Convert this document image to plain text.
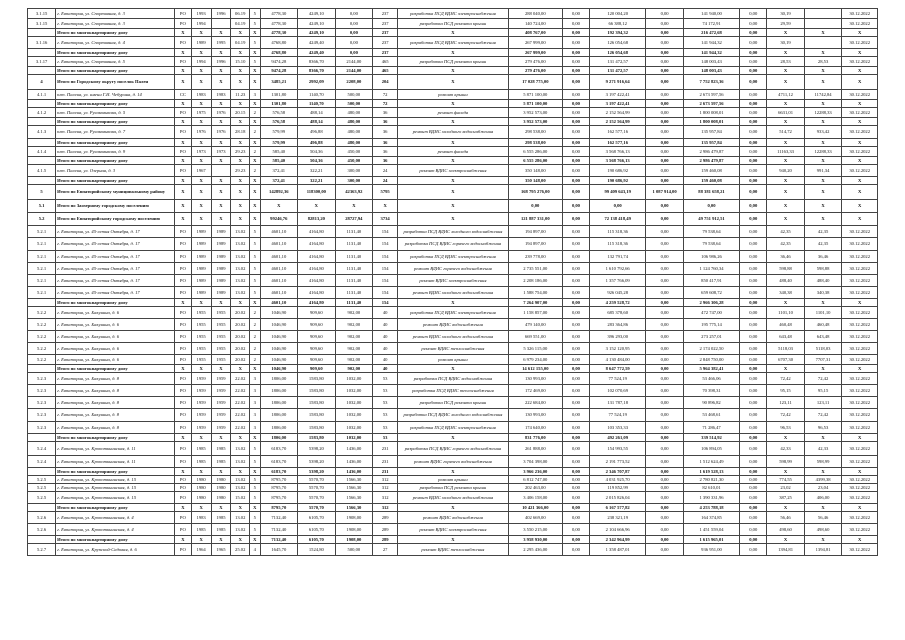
3.1.15	г. Евпатория, ул. Спортивная, д. 3	РО	1993	1996	06.19	5	4778,30	4249,10	0,00	237	разработка ПСД ВДИС электроснабжения	288 040,00	0,00	120 004,20	0,00	141 940,00	0,00	30,19		30.12.2022
3.1.15	г. Евпатория, ул. Спортивная, д. 3	РО	1994		04.19	5	4778,30	4249,10	0,00	237	разработка ПСД ремонта крыши	140 724,00	0,00	66 388,12	0,00	74 172,91	0,00	29,59		30.12.2022
	Итого по многоквартирному дому	X	X	X	X	X	4778,30	4249,10	0,00	237	X	408 767,00	0,00	192 394,32	0,00	216 472,68	0,00	X	X	X
3.1.16	г. Евпатория, ул. Спортивная, д. 4	РО	1989	1995	04.19	5	4768,80	4249,40	0,00	237	разработка ПСД ВДИС электроснабжения	267 999,00	0,00	126 054,68	0,00	141 944,32	0,00	30,19		30.12.2022
	Итого по многоквартирному дому	X	X	X	X	X	4768,80	4249,40	0,00	237	X	267 999,00	0,00	126 054,68	0,00	141 944,32	0,00	X	X	X
3.1.17	г. Евпатория, ул. Спортивная, д. 5	РО	1994	1996	15.10	5	9474,28	8366,70	2144,00	465	разработка ПСД ремонта крыши	279 476,00	0,00	131 472,57	0,00	148 003,43	0,00	28,53	28,53	30.12.2022
	Итого по многоквартирному дому	X	X	X	X	X	9474,28	8366,70	2144,00	465	X	279 476,00	0,00	131 472,57	0,00	148 003,43	0,00	X	X	X
4	Итого по Городскому округу поселок Пален	X	X	X	X	X	3485,21	2992,09	2208,00	204	X	17 028 775,00	0,00	9 271 916,64	0,00	7 752 823,36	0,00	X	X	X
4.1.1	пгт. Палена, ул. имени Г.И. Чебурина, д. 14	СС	1983	1983	11.23	3	1301,80	1140,70	500,00	72	ремонт крыши	5 871 100,00	0,00	3 197 422,41	0,00	2 673 597,56	0,00	4711,12	11742,84	30.12.2022
	Итого по многоквартирному дому	X	X	X	X	X	1301,80	1140,70	500,00	72	X	5 871 100,00	0,00	3 197 422,41	0,00	2 673 597,56	0,00	X	X	X
4.1.2	пгт. Палена, ул. Русаковикова, д. 5	РО	1975	1976	20.15	2	576,58	488,14	480,00	36	ремонт фасада	3 952 573,00	0,00	2 152 564,99	0,00	1 800 008,01	0,00	6631,01	12288,33	30.12.2022
	Итого по многоквартирному дому	X	X	X	X	X	576,58	488,14	480,00	36	X	3 952 573,00	0,00	2 152 564,99	0,00	1 800 008,01	0,00	X	X	X
4.1.3	пгт. Палена, ул. Русаковикова, д. 7	РО	1976	1976	28.18	2	579,99	496,88	480,00	36	ремонт ВДИС холодного водоснабжения	298 538,00	0,00	162 577,16	0,00	135 957,84	0,00	514,72	933,42	30.12.2022
	Итого по многоквартирному дому	X	X	X	X	X	579,99	496,88	480,00	36	X	298 538,00	0,00	162 577,16	0,00	135 957,84	0,00	X	X	X
4.1.4	пгт. Палена, ул. Русаковикова, д. 9	РО	1973	1973	29.23	2	585,40	504,36	450,00	36	ремонт фасада	6 555 286,00	0,00	3 568 766,13	0,00	2 986 479,87	0,00	11163,33	12288,33	30.12.2022
	Итого по многоквартирному дому	X	X	X	X	X	585,40	504,36	450,00	36	X	6 555 286,00	0,00	3 568 766,13	0,00	2 986 479,87	0,00	X	X	X
4.1.5	пгт. Палена, ул. Озерная, д. 3	РО	1967		29.23	2	372,41	322,21	300,00	24	ремонт ВДИС электроснабжения	350 148,00	0,00	190 686,92	0,00	159 460,08	0,00	940,20	991,34	30.12.2022
	Итого по многоквартирному дому	X	X	X	X	X	372,41	322,21	300,00	24	X	350 148,00	0,00	190 686,92	0,00	159 460,08	0,00	X	X	X
5	Итого по Евпаторийскому муниципальному району	X	X	X	X	X	142892,36	118300,00	42363,92	5795	X	168 795 276,00	0,00	99 409 643,19	1 087 914,00	88 381 658,21	0,00	X	X	X
5.1	Итого по Заозерному городскому поселению	X	X	X	X	X	X	X	X	X	X	0,00	0,00	0,00	0,00	0,00	0,00	X	X	X
5.2	Итого по Евпаторийскому городскому поселению	X	X	X	X	X	99246,76	82813,20	28727,94	3734	X	121 887 331,00	0,00	72 138 418,49	0,00	49 751 912,51	0,00	X	X	X
5.2.1	г. Евпатория, ул. 45-летия Октября, д. 17	РО	1989	1989	13.02	5	4601,10	4164,80	1131,40	154	разработка ПСД ВДИС холодного водоснабжения	194 897,00	0,00	115 318,36	0,00	79 538,64	0,00	42,35	42,35	30.12.2022
5.2.1	г. Евпатория, ул. 45-летия Октября, д. 17	РО	1989	1989	13.02	5	4601,10	4164,80	1131,40	154	разработка ПСД ВДИС горячего водоснабжения	194 897,00	0,00	115 318,36	0,00	79 538,64	0,00	42,35	42,35	30.12.2022
5.2.1	г. Евпатория, ул. 45-летия Октября, д. 17	РО	1989	1989	13.02	5	4601,10	4164,80	1131,40	154	разработка ПСД ВДИС электроснабжения	239 778,00	0,00	132 791,74	0,00	106 986,26	0,00	36,46	36,46	30.12.2022
5.2.1	г. Евпатория, ул. 45-летия Октября, д. 17	РО	1989	1989	13.02	5	4601,10	4164,80	1131,40	154	ремонт ВДИС горячего водоснабжения	2 735 551,00	0,00	1 610 792,66	0,00	1 124 760,34	0,00	598,88	598,88	30.12.2022
5.2.1	г. Евпатория, ул. 45-летия Октября, д. 17	РО	1989	1989	13.02	5	4601,10	4164,80	1131,40	154	ремонт ВДИС электроснабжения	2 208 186,00	0,00	1 357 766,09	0,00	850 417,91	0,00	488,40	488,40	30.12.2022
5.2.1	г. Евпатория, ул. 45-летия Октября, д. 17	РО	1989	1989	13.02	5	4601,10	4164,80	1131,40	154	ремонт ВДИС холодного водоснабжения	1 588 754,00	0,00	926 045,28	0,00	659 608,72	0,00	340,38	340,38	30.12.2022
	Итого по многоквартирному дому	X	X	X	X	X	4601,10	4164,80	1131,40	154	X	7 264 907,00	0,00	4 259 528,72	0,00	2 966 306,28	0,00	X	X	X
5.2.2	г. Евпатория, ул. Бакунина, д. 6	РО	1955	1955	20.02	2	1046,90	909,60	902,00	40	разработка ПСД ВДИС электроснабжения	1 158 857,00	0,00	685 378,60	0,00	472 747,00	0,00	1101,10	1101,10	30.12.2022
5.2.2	г. Евпатория, ул. Бакунина, д. 6	РО	1955	1955	20.02	2	1046,90	909,60	902,00	40	ремонт ВДИС водоснабжения	479 140,00	0,00	283 364,86	0,00	195 775,14	0,00	460,48	460,48	30.12.2022
5.2.2	г. Евпатория, ул. Бакунина, д. 6	РО	1955	1955	20.02	2	1046,90	909,60	902,00	40	ремонт ВДИС холодного водоснабжения	669 551,00	0,00	396 293,00	0,00	273 257,01	0,00	643,48	643,48	30.12.2022
5.2.2	г. Евпатория, ул. Бакунина, д. 6	РО	1955	1955	20.02	2	1046,90	909,60	902,00	40	ремонт ВДИС теплоснабжения	5 326 115,00	0,00	3 152 120,95	0,00	2 174 022,50	0,00	5118,03	5118,03	30.12.2022
5.2.2	г. Евпатория, ул. Бакунина, д. 6	РО	1955	1955	20.02	2	1046,90	909,60	902,00	40	ремонт крыши	6 979 234,00	0,00	4 130 484,00	0,00	2 848 750,00	0,00	6707,30	7707,31	30.12.2022
	Итого по многоквартирному дому	X	X	X	X	X	1046,90	909,60	902,00	40	X	14 612 155,00	0,00	8 647 772,59	0,00	5 964 382,41	0,00	X	X	X
5.2.3	г. Евпатория, ул. Бакунина, д. 8	РО	1959	1959	22.02	3	1806,00	1583,80	1032,00	53	разработка ПСД ВДИС водоснабжения	130 993,00	0,00	77 524,19	0,00	53 466,06	0,00	72,42	72,42	30.12.2022
5.2.3	г. Евпатория, ул. Бакунина, д. 8	РО	1959	1959	22.02	3	1806,00	1583,80	1032,00	53	разработка ПСД ВДИС теплоснабжения	172 469,00	0,00	102 070,69	0,00	70 398,31	0,00	95,15	95,15	30.12.2022
5.2.3	г. Евпатория, ул. Бакунина, д. 8	РО	1959	1959	22.02	3	1806,00	1583,80	1032,00	53	разработка ПСД ремонта крыши	222 684,00	0,00	131 787,18	0,00	90 896,82	0,00	123,11	123,11	30.12.2022
5.2.3	г. Евпатория, ул. Бакунина, д. 8	РО	1959	1959	22.02	3	1806,00	1583,80	1032,00	53	разработка ПСД ВДИС холодного водоснабжения	130 993,00	0,00	77 524,19	0,00	53 468,61	0,00	72,42	72,42	30.12.2022
5.2.3	г. Евпатория, ул. Бакунина, д. 8	РО	1959	1959	22.02	3	1806,00	1583,80	1032,00	53	разработка ПСД ВДИС электроснабжения	174 640,00	0,00	103 353,33	0,00	71 286,47	0,00	96,53	96,53	30.12.2022
	Итого по многоквартирному дому	X	X	X	X	X	1806,00	1583,80	1032,00	53	X	831 776,00	0,00	492 261,09	0,00	339 514,92	0,00	X	X	X
5.2.4	г. Евпатория, ул. Кропоткиниская, д. 11	РО	1985	1985	13.02	5	6183,70	5398,20	1436,00	231	разработка ПСД ВДИС горячего водоснабжения	261 888,00	0,00	154 993,55	0,00	106 894,05	0,00	42,33	42,33	30.12.2022
5.2.4	г. Евпатория, ул. Кропоткиниская, д. 11	РО	1985	1985	13.02	5	6183,70	5398,20	1436,00	231	ремонт ВДИС горячего водоснабжения	3 704 398,00	0,00	2 191 773,52	0,00	1 512 624,49	0,00	598,99	598,99	30.12.2022
	Итого по многоквартирному дому	X	X	X	X	X	6183,70	5398,20	1436,00	231	X	3 966 236,00	0,00	2 346 707,87	0,00	1 619 528,13	0,00	X	X	X
5.2.5	г. Евпатория, ул. Кропоткиниская, д. 15	РО	1980	1980	13.02	5	8795,70	5570,70	1566,30	312	ремонт крыши	6 812 747,00	0,00	4 031 925,70	0,00	2 780 821,30	0,00	774,55	4399,38	30.12.2022
5.2.5	г. Евпатория, ул. Кропоткиниская, д. 15	РО	1980	1980	13.02	5	8795,70	5570,70	1566,30	312	разработка ПСД ремонта крыши	202 463,00	0,00	119 852,99	0,00	82 610,01	0,00	23,02	23,04	30.12.2022
5.2.5	г. Евпатория, ул. Кропоткиниская, д. 15	РО	1980	1980	15.02	5	8795,70	5570,70	1566,30	312	ремонт ВДИС холодного водоснабжения	3 406 158,00	0,00	2 015 826,04	0,00	1 390 331,96	0,00	387,25	406,00	30.12.2022
	Итого по многоквартирному дому	X	X	X	X	X	8795,70	5570,70	1566,30	312	X	10 421 366,00	0,00	6 167 577,82	0,00	4 253 788,18	0,00	X	X	X
5.2.6	г. Евпатория, ул. Кропоткиниская, д. 4	РО	1983	1985	13.02	5	7132,40	6105,70	1908,00	289	ремонт ВДИС водоснабжения	402 669,00	0,00	238 321,19	0,00	164 374,85	0,00	56,46	56,46	30.12.2022
5.2.6	г. Евпатория, ул. Кропоткиниская, д. 4	РО	1985	1985	13.02	5	7132,40	6105,70	1908,00	289	ремонт ВДИС электроснабжения	3 550 215,00	0,00	2 104 666,96	0,00	1 451 559,04	0,00	498,60	498,60	30.12.2022
	Итого по многоквартирному дому	X	X	X	X	X	7132,40	6105,70	1908,00	289	X	3 958 930,00	0,00	2 342 964,99	0,00	1 615 965,01	0,00	X	X	X
5.2.7	г. Евпатория, ул. Крупской-Садовая, д. 6	РО	1964	1965	25.02	4	1645,70	1524,80	500,00	27	ремонт ВДИС теплоснабжения	2 295 436,00	0,00	1 358 487,01	0,00	936 951,00	0,00	1394,81	1394,81	30.12.2022
